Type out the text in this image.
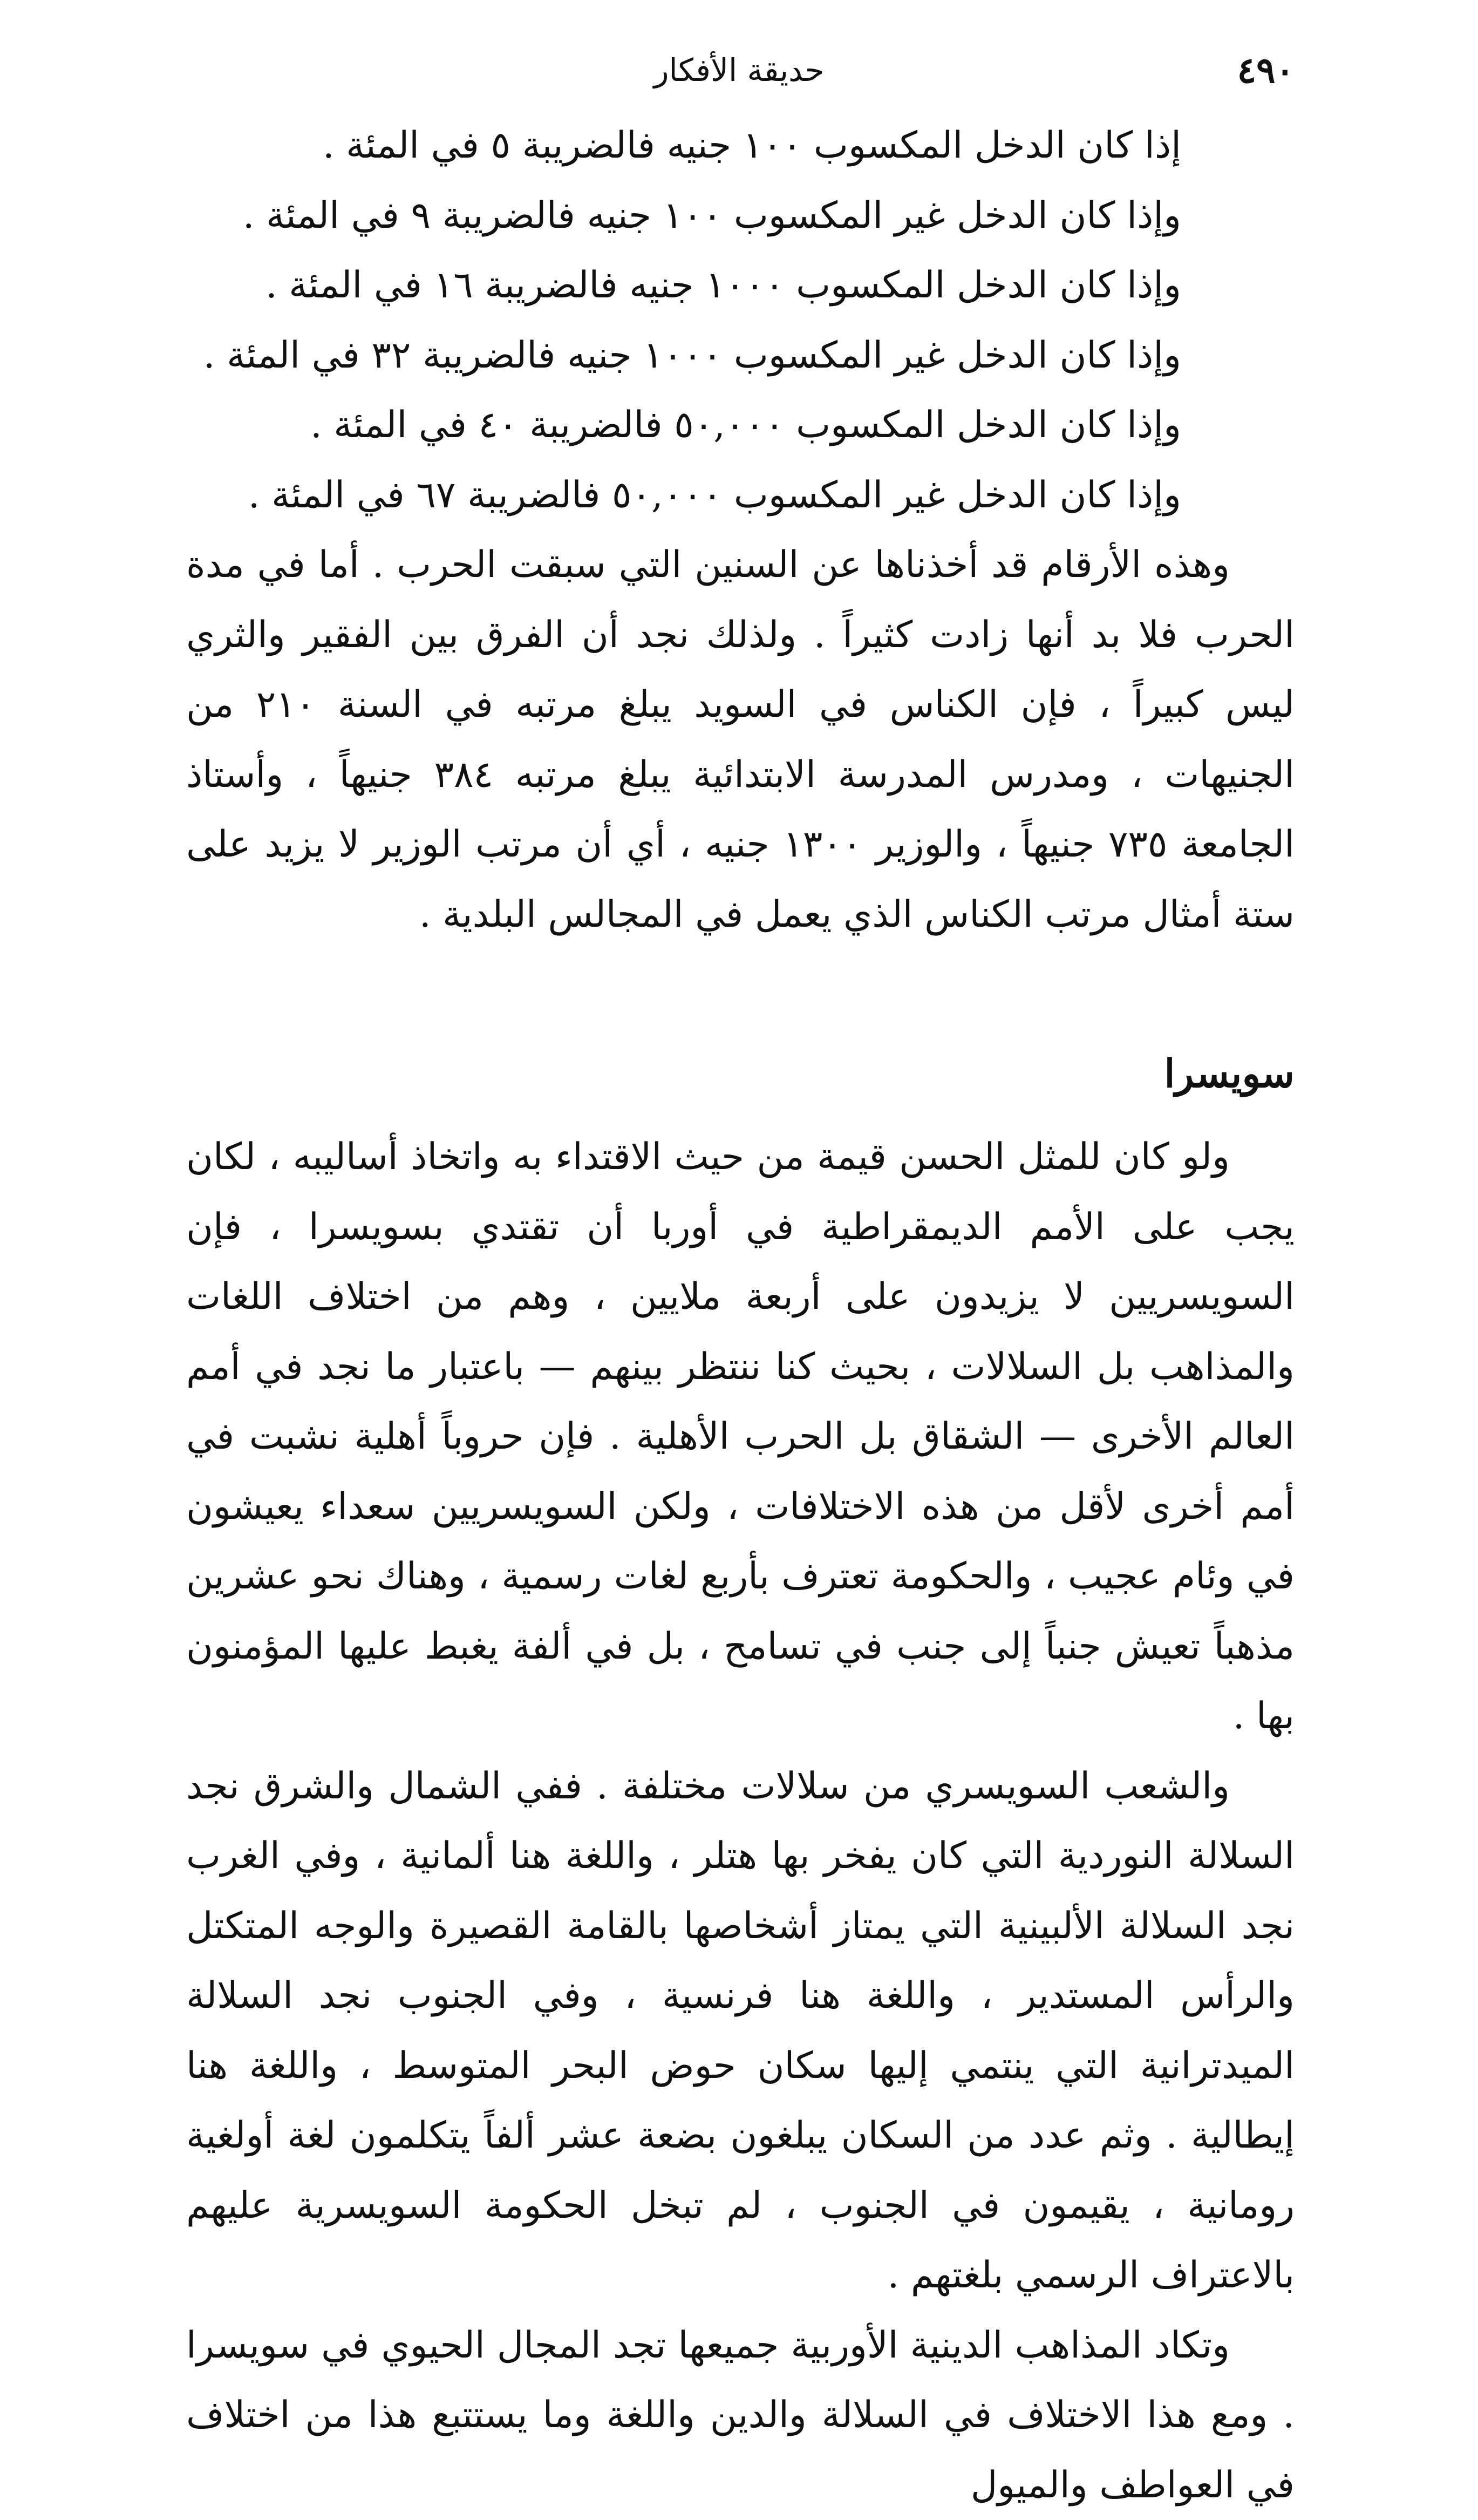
٤٩٠
حديقة الأفكار
إذا كان الدخل المكسوب ١٠٠ جنيه فالضريبة ٥ في المئة .
وإذا كان الدخل غير المكسوب ١٠٠ جنيه فالضريبة ٩ في المئة .
وإذا كان الدخل المكسوب ١٠٠٠ جنيه فالضريبة ١٦ في المئة .
وإذا كان الدخل غير المكسوب ١٠٠٠ جنيه فالضريبة ٣٢ في المئة .
وإذا كان الدخل المكسوب ٥٠,٠٠٠ فالضريبة ٤٠ في المئة .
وإذا كان الدخل غير المكسوب ٥٠,٠٠٠ فالضريبة ٦٧ في المئة .

وهذه الأرقام قد أخذناها عن السنين التي سبقت الحرب . أما في مدة الحرب فلا بد أنها زادت كثيراً . ولذلك نجد أن الفرق بين الفقير والثري ليس كبيراً ، فإن الكناس في السويد يبلغ مرتبه في السنة ٢١٠ من الجنيهات ، ومدرس المدرسة الابتدائية يبلغ مرتبه ٣٨٤ جنيهاً ، وأستاذ الجامعة ٧٣٥ جنيهاً ، والوزير ١٣٠٠ جنيه ، أي أن مرتب الوزير لا يزيد على ستة أمثال مرتب الكناس الذي يعمل في المجالس البلدية .

سويسرا

ولو كان للمثل الحسن قيمة من حيث الاقتداء به واتخاذ أساليبه ، لكان يجب على الأمم الديمقراطية في أوربا أن تقتدي بسويسرا ، فإن السويسريين لا يزيدون على أربعة ملايين ، وهم من اختلاف اللغات والمذاهب بل السلالات ، بحيث كنا ننتظر بينهم — باعتبار ما نجد في أمم العالم الأخرى — الشقاق بل الحرب الأهلية . فإن حروباً أهلية نشبت في أمم أخرى لأقل من هذه الاختلافات ، ولكن السويسريين سعداء يعيشون في وئام عجيب ، والحكومة تعترف بأربع لغات رسمية ، وهناك نحو عشرين مذهباً تعيش جنباً إلى جنب في تسامح ، بل في ألفة يغبط عليها المؤمنون بها .

والشعب السويسري من سلالات مختلفة . ففي الشمال والشرق نجد السلالة النوردية التي كان يفخر بها هتلر ، واللغة هنا ألمانية ، وفي الغرب نجد السلالة الألبينية التي يمتاز أشخاصها بالقامة القصيرة والوجه المتكتل والرأس المستدير ، واللغة هنا فرنسية ، وفي الجنوب نجد السلالة الميدترانية التي ينتمي إليها سكان حوض البحر المتوسط ، واللغة هنا إيطالية . وثم عدد من السكان يبلغون بضعة عشر ألفاً يتكلمون لغة أولغية رومانية ، يقيمون في الجنوب ، لم تبخل الحكومة السويسرية عليهم بالاعتراف الرسمي بلغتهم .

وتكاد المذاهب الدينية الأوربية جميعها تجد المجال الحيوي في سويسرا . ومع هذا الاختلاف في السلالة والدين واللغة وما يستتبع هذا من اختلاف في العواطف والميول
